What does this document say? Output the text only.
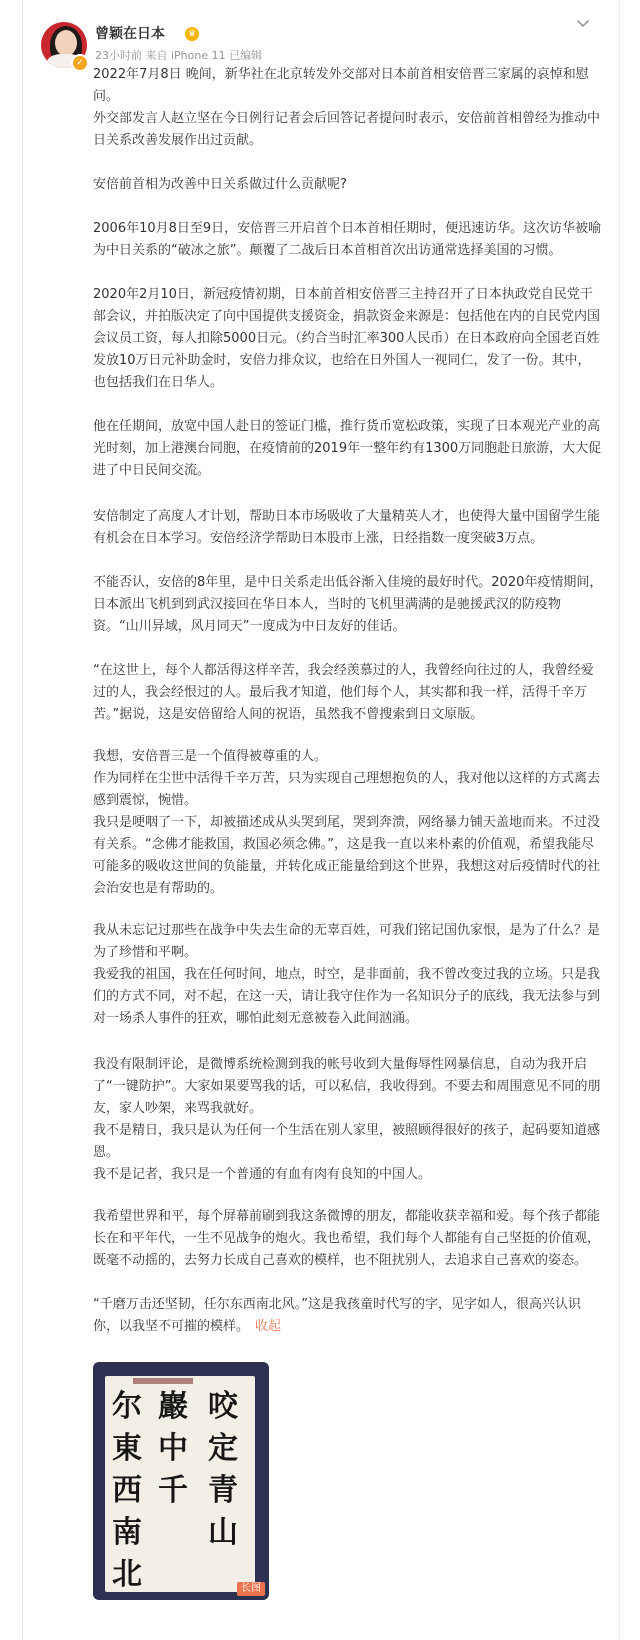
✓
曾颖在日本	♛
23小时前 来自 iPhone 11 已编辑

2022年7月8日 晚间，新华社在北京转发外交部对日本前首相安倍晋三家属的哀悼和慰问。
外交部发言人赵立坚在今日例行记者会后回答记者提问时表示，安倍前首相曾经为推动中日关系改善发展作出过贡献。

安倍前首相为改善中日关系做过什么贡献呢?

2006年10月8日至9日，安倍晋三开启首个日本首相任期时，便迅速访华。这次访华被喻为中日关系的“破冰之旅”。颠覆了二战后日本首相首次出访通常选择美国的习惯。

2020年2月10日，新冠疫情初期，日本前首相安倍晋三主持召开了日本执政党自民党干部会议，并拍版决定了向中国提供支援资金，捐款资金来源是：包括他在内的自民党内国会议员工资，每人扣除5000日元。（约合当时汇率300人民币）在日本政府向全国老百姓发放10万日元补助金时，安倍力排众议，也给在日外国人一视同仁，发了一份。其中，也包括我们在日华人。

他在任期间，放宽中国人赴日的签证门槛，推行货币宽松政策，实现了日本观光产业的高光时刻，加上港澳台同胞，在疫情前的2019年一整年约有1300万同胞赴日旅游，大大促进了中日民间交流。

安倍制定了高度人才计划，帮助日本市场吸收了大量精英人才，也使得大量中国留学生能有机会在日本学习。安倍经济学帮助日本股市上涨，日经指数一度突破3万点。

不能否认，安倍的8年里，是中日关系走出低谷渐入佳境的最好时代。2020年疫情期间，日本派出飞机到到武汉接回在华日本人，当时的飞机里满满的是驰援武汉的防疫物资。“山川异域，风月同天”一度成为中日友好的佳话。

“在这世上，每个人都活得这样辛苦，我会经羡慕过的人，我曾经向往过的人，我曾经爱过的人，我会经恨过的人。最后我才知道，他们每个人，其实都和我一样，活得千辛万苦。”据说，这是安倍留给人间的祝语，虽然我不曾搜索到日文原版。

我想，安倍晋三是一个值得被尊重的人。
作为同样在尘世中活得千辛万苦，只为实现自己理想抱负的人，我对他以这样的方式离去感到震惊，惋惜。
我只是哽咽了一下，却被描述成从头哭到尾，哭到奔溃，网络暴力铺天盖地而来。不过没有关系。“念佛才能救国，救国必须念佛。”，这是我一直以来朴素的价值观，希望我能尽可能多的吸收这世间的负能量，并转化成正能量给到这个世界，我想这对后疫情时代的社会治安也是有帮助的。

我从未忘记过那些在战争中失去生命的无辜百姓，可我们铭记国仇家恨，是为了什么？是为了珍惜和平啊。
我爱我的祖国，我在任何时间，地点，时空，是非面前，我不曾改变过我的立场。只是我们的方式不同，对不起，在这一天，请让我守住作为一名知识分子的底线，我无法参与到对一场杀人事件的狂欢，哪怕此刻无意被卷入此间汹涌。

我没有限制评论，是微博系统检测到我的帐号收到大量侮辱性网暴信息，自动为我开启了“一键防护”。大家如果要骂我的话，可以私信，我收得到。不要去和周围意见不同的朋友，家人吵架，来骂我就好。
我不是精日，我只是认为任何一个生活在别人家里，被照顾得很好的孩子，起码要知道感恩。
我不是记者，我只是一个普通的有血有肉有良知的中国人。

我希望世界和平，每个屏幕前刷到我这条微博的朋友，都能收获幸福和爱。每个孩子都能长在和平年代，一生不见战争的炮火。我也希望，我们每个人都能有自己坚挺的价值观，既毫不动摇的，去努力长成自己喜欢的模样，也不阻扰别人，去追求自己喜欢的姿态。

“千磨万击还坚韧，任尔东西南北风。”这是我孩童时代写的字，见字如人，很高兴认识你，以我坚不可摧的模样。 收起

尔
東
西
南
北
巖
中
千
咬
定
青
山
长图
